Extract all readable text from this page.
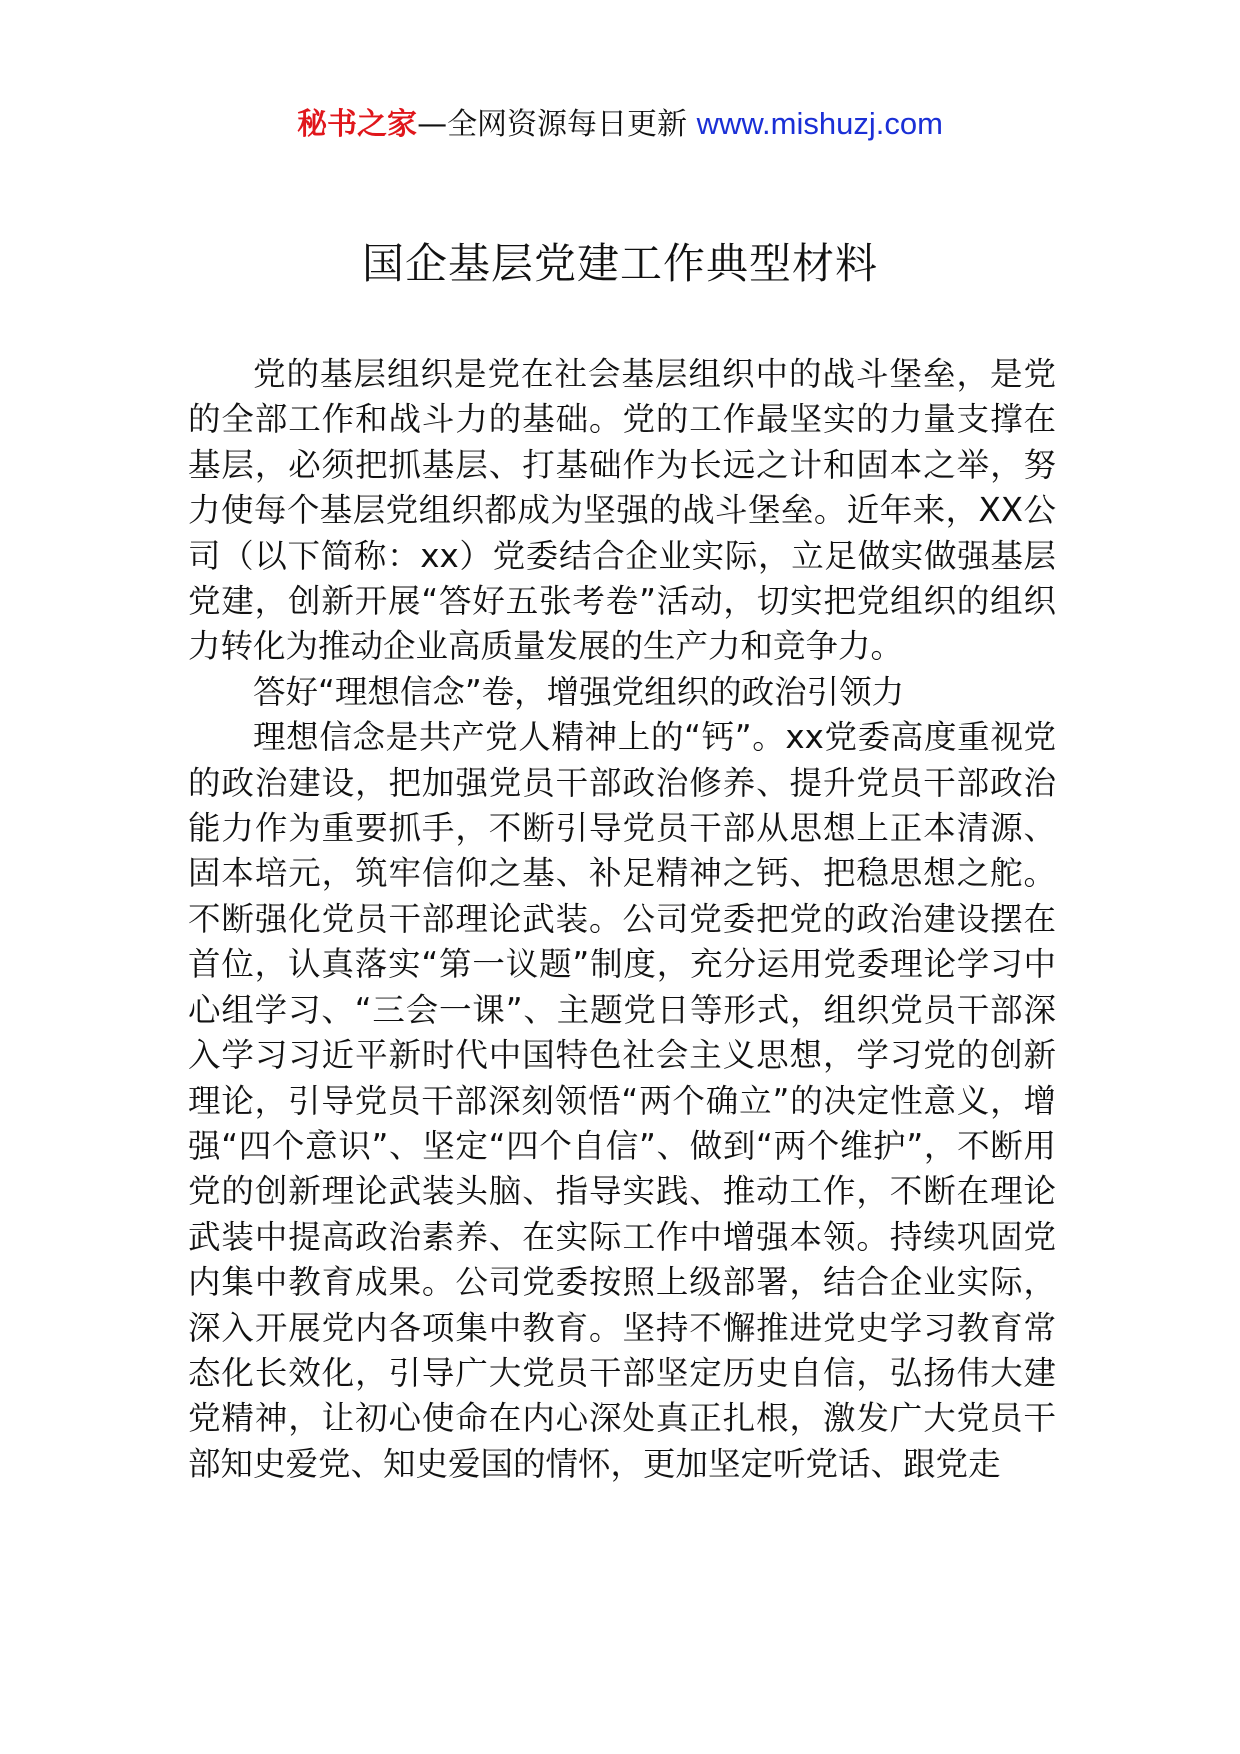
秘书之家—全网资源每日更新 www.mishuzj.com
国企基层党建工作典型材料

党的基层组织是党在社会基层组织中的战斗堡垒，是党的全部工作和战斗力的基础。党的工作最坚实的力量支撑在基层，必须把抓基层、打基础作为长远之计和固本之举，努力使每个基层党组织都成为坚强的战斗堡垒。近年来，XX公司（以下简称：xx）党委结合企业实际，立足做实做强基层党建，创新开展“答好五张考卷”活动，切实把党组织的组织力转化为推动企业高质量发展的生产力和竞争力。

答好“理想信念”卷，增强党组织的政治引领力

理想信念是共产党人精神上的“钙”。xx党委高度重视党的政治建设，把加强党员干部政治修养、提升党员干部政治能力作为重要抓手，不断引导党员干部从思想上正本清源、固本培元，筑牢信仰之基、补足精神之钙、把稳思想之舵。不断强化党员干部理论武装。公司党委把党的政治建设摆在首位，认真落实“第一议题”制度，充分运用党委理论学习中心组学习、“三会一课”、主题党日等形式，组织党员干部深入学习习近平新时代中国特色社会主义思想，学习党的创新理论，引导党员干部深刻领悟“两个确立”的决定性意义，增强“四个意识”、坚定“四个自信”、做到“两个维护”，不断用党的创新理论武装头脑、指导实践、推动工作，不断在理论武装中提高政治素养、在实际工作中增强本领。持续巩固党内集中教育成果。公司党委按照上级部署，结合企业实际，深入开展党内各项集中教育。坚持不懈推进党史学习教育常态化长效化，引导广大党员干部坚定历史自信，弘扬伟大建党精神，让初心使命在内心深处真正扎根，激发广大党员干部知史爱党、知史爱国的情怀，更加坚定听党话、跟党走
